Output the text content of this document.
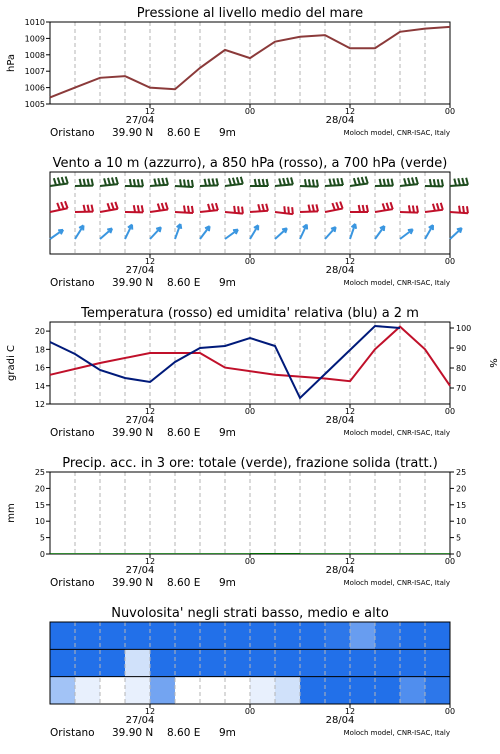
Pressione al livello medio del mare
1005
1006
1007
1008
1009
1010
hPa
12	00	12	00
27/04	28/04
Oristano 39.90 N 8.60 E 9m	Moloch model, CNR-ISAC, Italy
Vento a 10 m (azzurro), a 850 hPa (rosso), a 700 hPa (verde)
12	00	12	00
27/04	28/04
Oristano 39.90 N 8.60 E 9m	Moloch model, CNR-ISAC, Italy
Temperatura (rosso) ed umidita' relativa (blu) a 2 m
12
14
16
18
20
70
80
90
100
gradi C	%
12	00	12	00
27/04	28/04
Oristano 39.90 N 8.60 E 9m	Moloch model, CNR-ISAC, Italy
Precip. acc. in 3 ore: totale (verde), frazione solida (tratt.)
0	0
5	5
10	10
15	15
20	20
25	25
mm
12	00	12	00
27/04	28/04
Oristano 39.90 N 8.60 E 9m	Moloch model, CNR-ISAC, Italy
Nuvolosita' negli strati basso, medio e alto
12	00	12	00
27/04	28/04
Oristano 39.90 N 8.60 E 9m	Moloch model, CNR-ISAC, Italy
